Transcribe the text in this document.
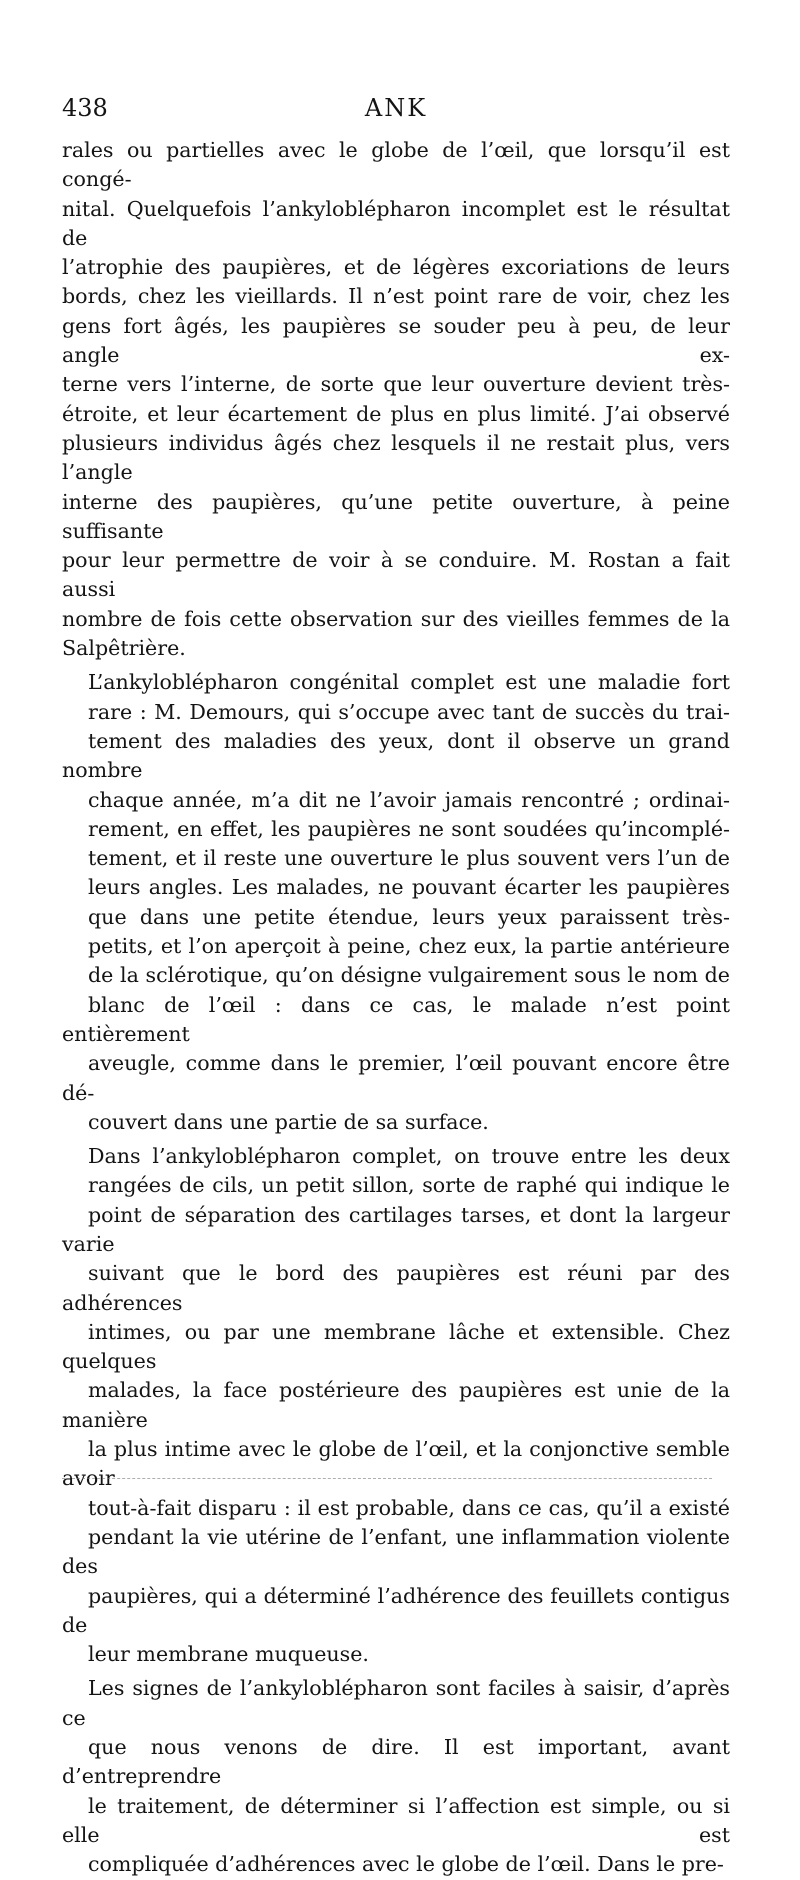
438	ANK

rales ou partielles avec le globe de l’œil, que lorsqu’il est congé-
nital. Quelquefois l’ankyloblépharon incomplet est le résultat de
l’atrophie des paupières, et de légères excoriations de leurs
bords, chez les vieillards. Il n’est point rare de voir, chez les
gens fort âgés, les paupières se souder peu à peu, de leur angle ex-
terne vers l’interne, de sorte que leur ouverture devient très-
étroite, et leur écartement de plus en plus limité. J’ai observé
plusieurs individus âgés chez lesquels il ne restait plus, vers l’angle
interne des paupières, qu’une petite ouverture, à peine suffisante
pour leur permettre de voir à se conduire. M. Rostan a fait aussi
nombre de fois cette observation sur des vieilles femmes de la
Salpêtrière.

L’ankyloblépharon congénital complet est une maladie fort
rare : M. Demours, qui s’occupe avec tant de succès du trai-
tement des maladies des yeux, dont il observe un grand nombre
chaque année, m’a dit ne l’avoir jamais rencontré ; ordinai-
rement, en effet, les paupières ne sont soudées qu’incomplé-
tement, et il reste une ouverture le plus souvent vers l’un de
leurs angles. Les malades, ne pouvant écarter les paupières
que dans une petite étendue, leurs yeux paraissent très-
petits, et l’on aperçoit à peine, chez eux, la partie antérieure
de la sclérotique, qu’on désigne vulgairement sous le nom de
blanc de l’œil : dans ce cas, le malade n’est point entièrement
aveugle, comme dans le premier, l’œil pouvant encore être dé-
couvert dans une partie de sa surface.

Dans l’ankyloblépharon complet, on trouve entre les deux
rangées de cils, un petit sillon, sorte de raphé qui indique le
point de séparation des cartilages tarses, et dont la largeur varie
suivant que le bord des paupières est réuni par des adhérences
intimes, ou par une membrane lâche et extensible. Chez quelques
malades, la face postérieure des paupières est unie de la manière
la plus intime avec le globe de l’œil, et la conjonctive semble avoir
tout-à-fait disparu : il est probable, dans ce cas, qu’il a existé
pendant la vie utérine de l’enfant, une inflammation violente des
paupières, qui a déterminé l’adhérence des feuillets contigus de
leur membrane muqueuse.

Les signes de l’ankyloblépharon sont faciles à saisir, d’après ce
que nous venons de dire. Il est important, avant d’entreprendre
le traitement, de déterminer si l’affection est simple, ou si elle est
compliquée d’adhérences avec le globe de l’œil. Dans le pre-
